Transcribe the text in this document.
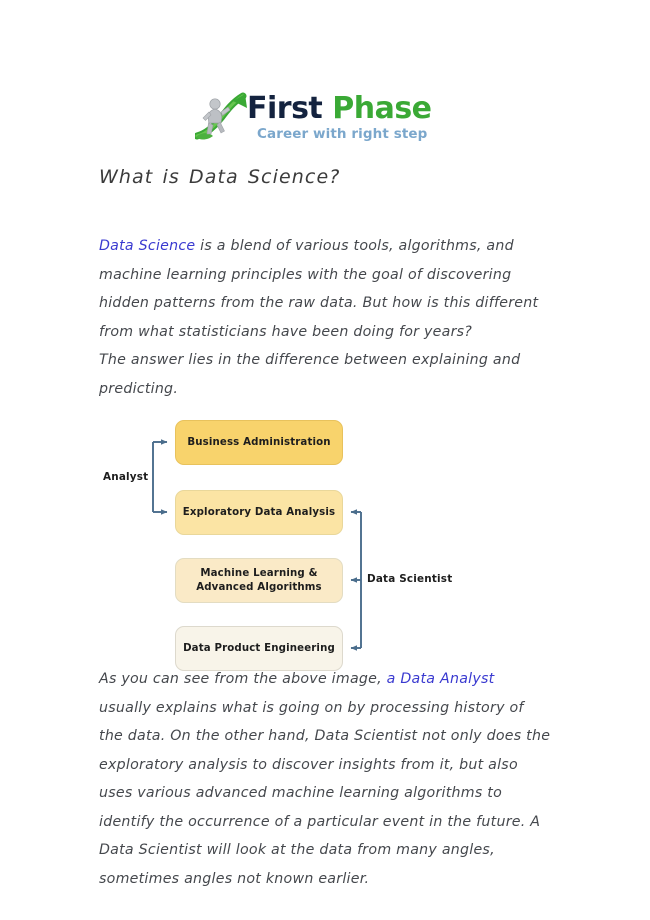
First Phase
Career with right step
What is Data Science?

Data Science is a blend of various tools, algorithms, and machine learning principles with the goal of discovering hidden patterns from the raw data. But how is this different from what statisticians have been doing for years?
The answer lies in the difference between explaining and predicting.

Business Administration
Exploratory Data Analysis
Machine Learning &
Advanced Algorithms
Data Product Engineering
Analyst
Data Scientist

As you can see from the above image, a Data Analyst usually explains what is going on by processing history of the data. On the other hand, Data Scientist not only does the exploratory analysis to discover insights from it, but also uses various advanced machine learning algorithms to identify the occurrence of a particular event in the future. A Data Scientist will look at the data from many angles, sometimes angles not known earlier.
